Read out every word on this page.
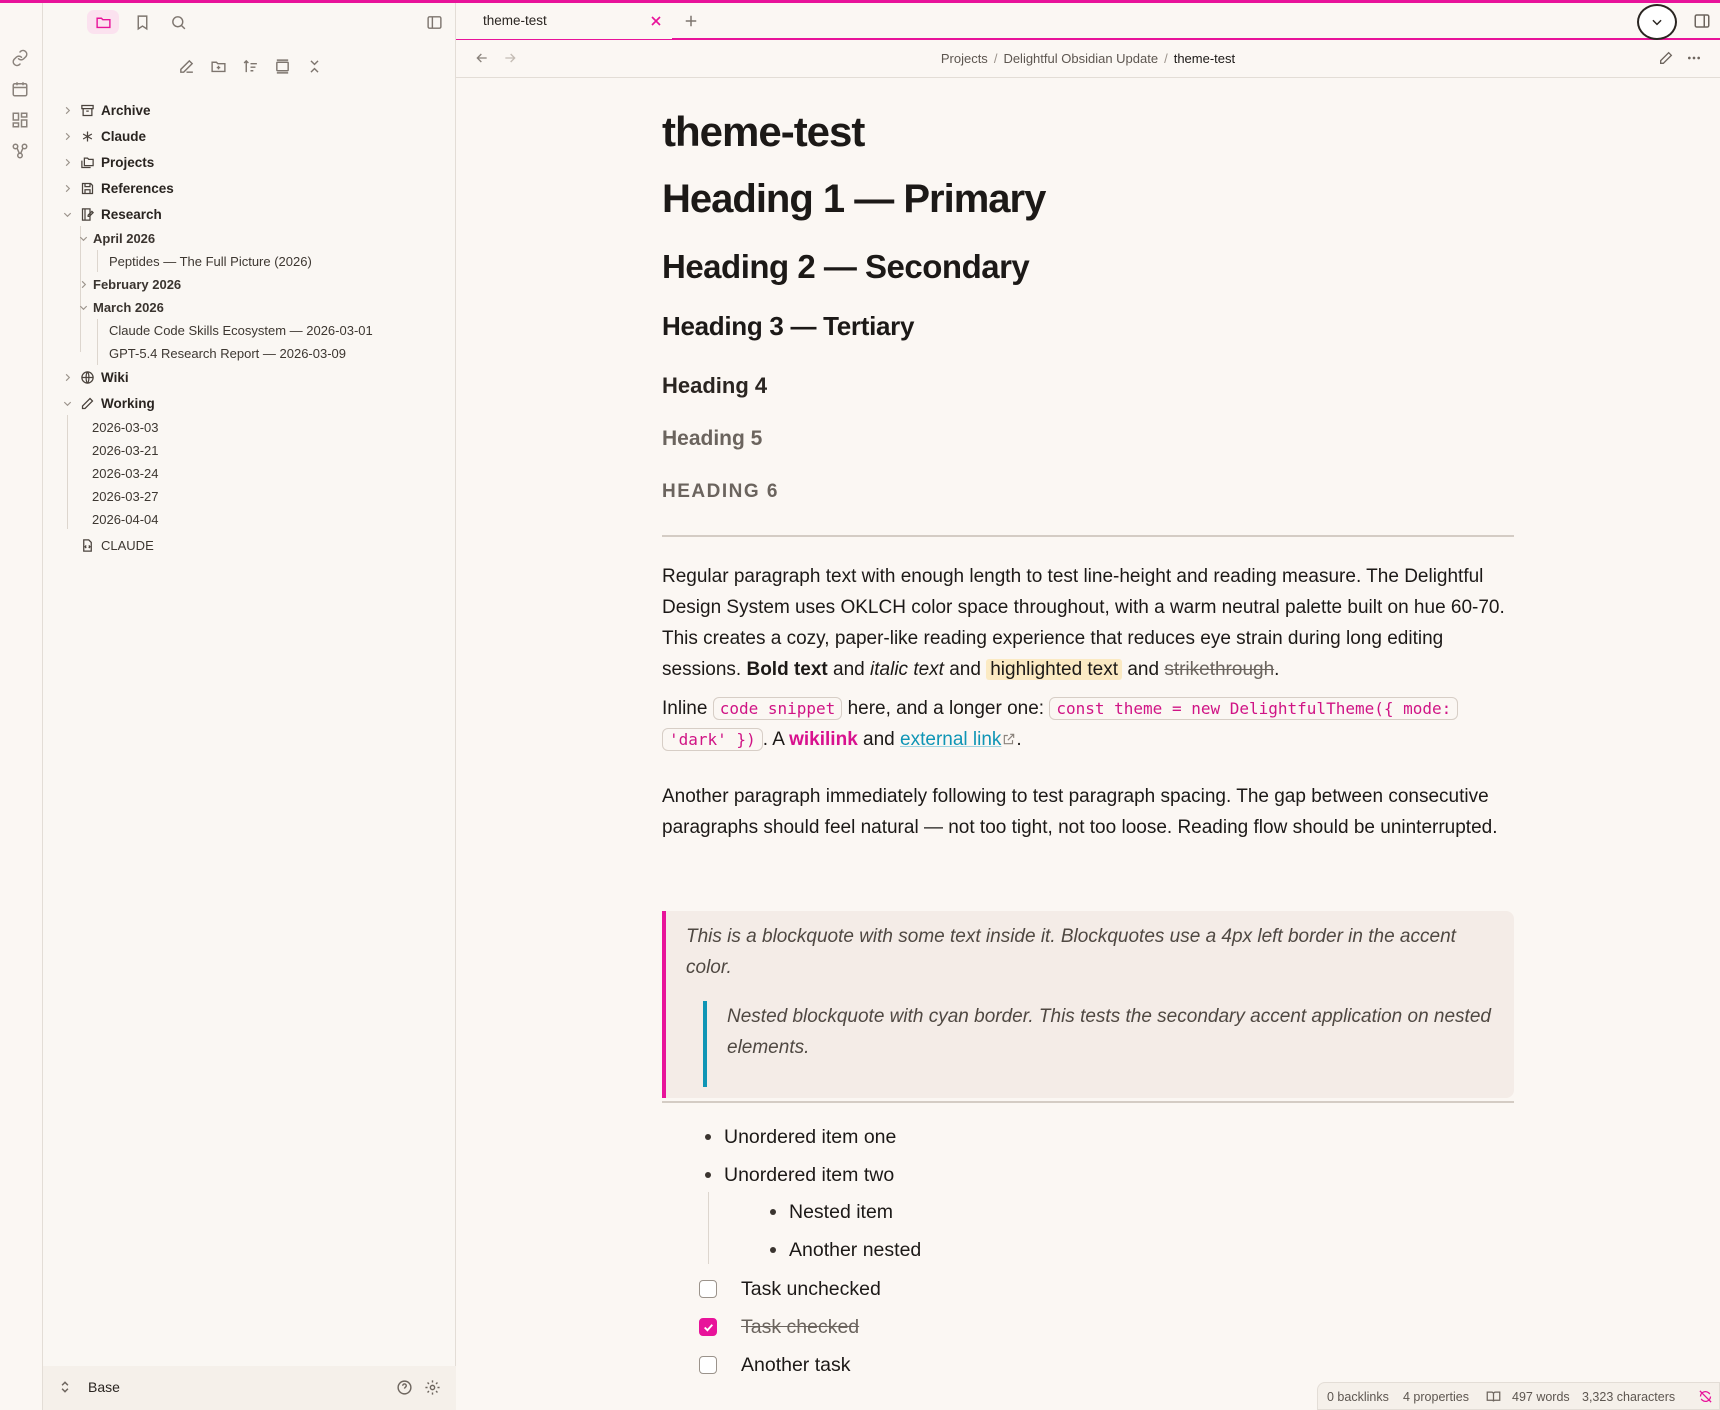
Archive
Claude
Projects
References
Research
April 2026
Peptides — The Full Picture (2026)
February 2026
March 2026
Claude Code Skills Ecosystem — 2026-03-01
GPT-5.4 Research Report — 2026-03-09
Wiki
Working
2026-03-03
2026-03-21
2026-03-24
2026-03-27
2026-04-04
CLAUDE
Base
theme-test
Projects / Delightful Obsidian Update / theme-test
theme-test
Heading 1 — Primary
Heading 2 — Secondary
Heading 3 — Tertiary
Heading 4
Heading 5
HEADING 6
Regular paragraph text with enough length to test line-height and reading measure. The Delightful Design System uses OKLCH color space throughout, with a warm neutral palette built on hue 60-70. This creates a cozy, paper-like reading experience that reduces eye strain during long editing sessions. Bold text and italic text and highlighted text and strikethrough.
Inline code snippet here, and a longer one: const theme = new DelightfulTheme({ mode:
'dark' }) . A wikilink and external link .
Another paragraph immediately following to test paragraph spacing. The gap between consecutive paragraphs should feel natural — not too tight, not too loose. Reading flow should be uninterrupted.
This is a blockquote with some text inside it. Blockquotes use a 4px left border in the accent color.
Nested blockquote with cyan border. This tests the secondary accent application on nested elements.
Unordered item one
Unordered item two
Nested item
Another nested
Task unchecked
Task checked
Another task
0 backlinks 4 properties	497 words 3,323 characters
